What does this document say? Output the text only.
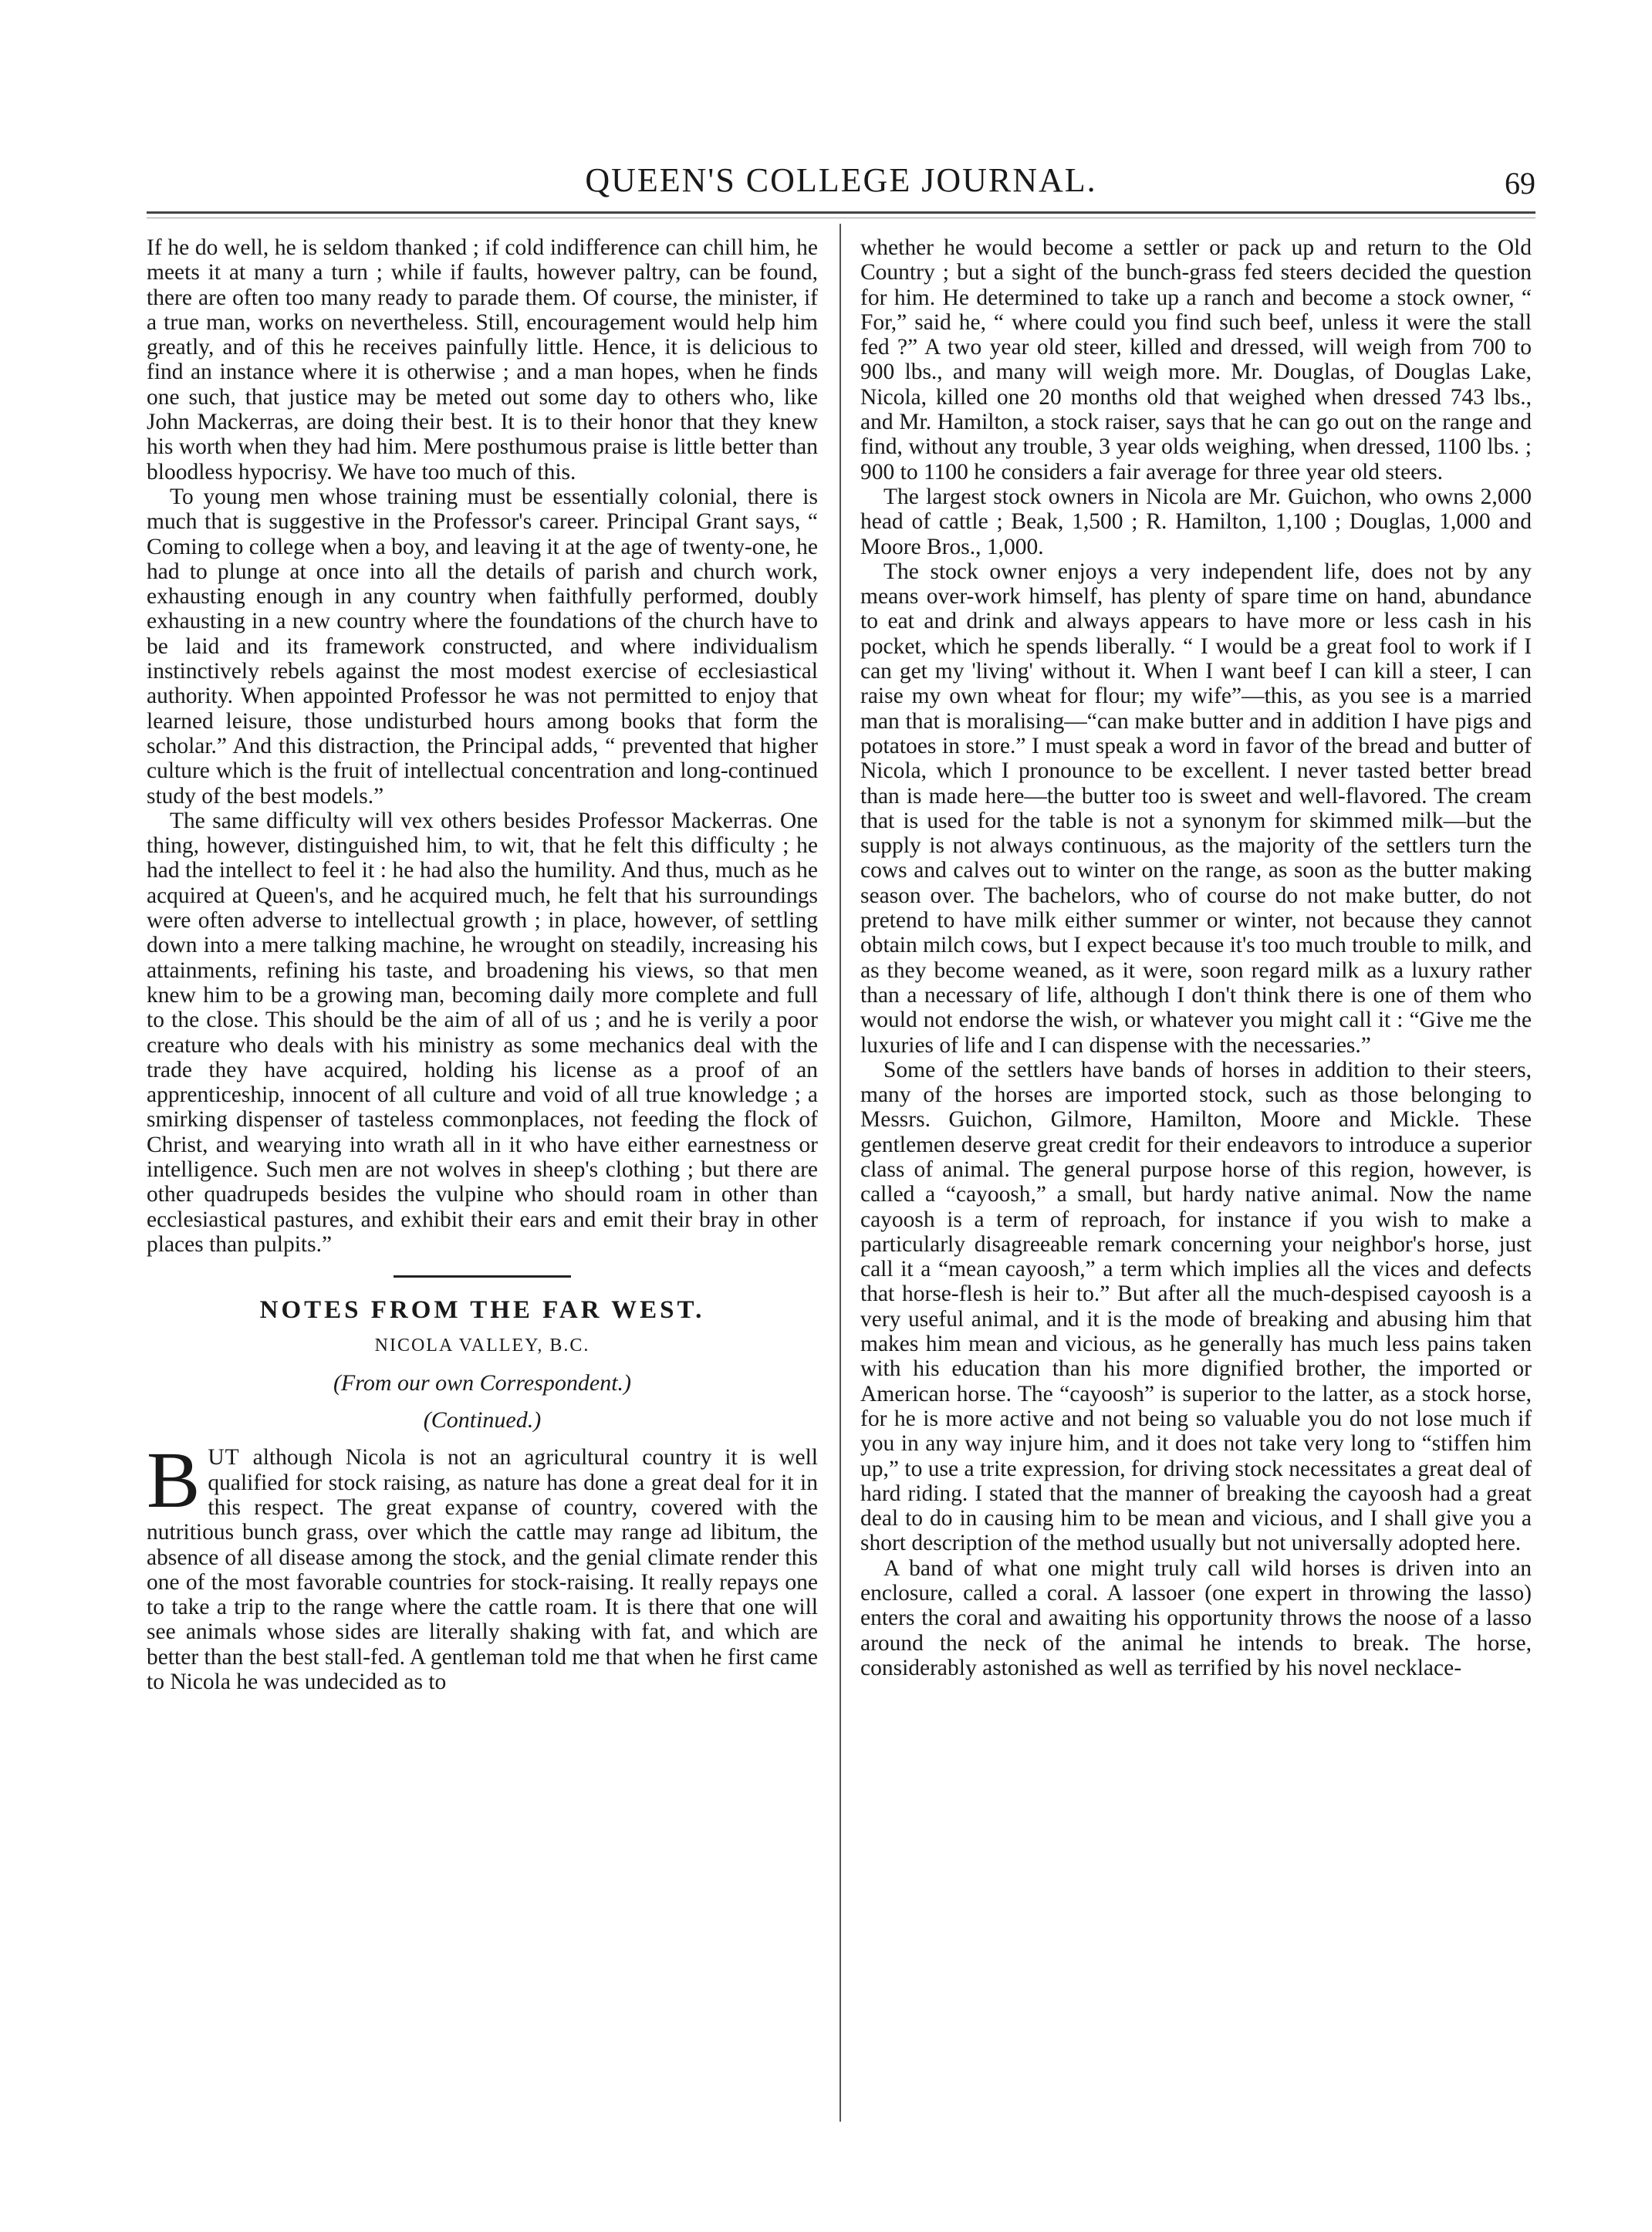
QUEEN'S COLLEGE JOURNAL.	69

If he do well, he is seldom thanked ; if cold indifference can chill him, he meets it at many a turn ; while if faults, however paltry, can be found, there are often too many ready to parade them. Of course, the minister, if a true man, works on nevertheless. Still, encouragement would help him greatly, and of this he receives painfully little. Hence, it is delicious to find an instance where it is otherwise ; and a man hopes, when he finds one such, that justice may be meted out some day to others who, like John Mackerras, are doing their best. It is to their honor that they knew his worth when they had him. Mere posthumous praise is little better than bloodless hypocrisy. We have too much of this.

To young men whose training must be essentially colonial, there is much that is suggestive in the Professor's career. Principal Grant says, “ Coming to college when a boy, and leaving it at the age of twenty-one, he had to plunge at once into all the details of parish and church work, exhausting enough in any country when faithfully performed, doubly exhausting in a new country where the foundations of the church have to be laid and its framework constructed, and where individualism instinctively rebels against the most modest exercise of ecclesiastical authority. When appointed Professor he was not permitted to enjoy that learned leisure, those undisturbed hours among books that form the scholar.” And this distraction, the Principal adds, “ prevented that higher culture which is the fruit of intellectual concentration and long-continued study of the best models.”

The same difficulty will vex others besides Professor Mackerras. One thing, however, distinguished him, to wit, that he felt this difficulty ; he had the intellect to feel it : he had also the humility. And thus, much as he acquired at Queen's, and he acquired much, he felt that his surroundings were often adverse to intellectual growth ; in place, however, of settling down into a mere talking machine, he wrought on steadily, increasing his attainments, refining his taste, and broadening his views, so that men knew him to be a growing man, becoming daily more complete and full to the close. This should be the aim of all of us ; and he is verily a poor creature who deals with his ministry as some mechanics deal with the trade they have acquired, holding his license as a proof of an apprenticeship, innocent of all culture and void of all true knowledge ; a smirking dispenser of tasteless commonplaces, not feeding the flock of Christ, and wearying into wrath all in it who have either earnestness or intelligence. Such men are not wolves in sheep's clothing ; but there are other quadrupeds besides the vulpine who should roam in other than ecclesiastical pastures, and exhibit their ears and emit their bray in other places than pulpits.”

NOTES FROM THE FAR WEST.
NICOLA VALLEY, B.C.
(From our own Correspondent.)
(Continued.)

BUT although Nicola is not an agricultural country it is well qualified for stock raising, as nature has done a great deal for it in this respect. The great expanse of country, covered with the nutritious bunch grass, over which the cattle may range ad libitum, the absence of all disease among the stock, and the genial climate render this one of the most favorable countries for stock-raising. It really repays one to take a trip to the range where the cattle roam. It is there that one will see animals whose sides are literally shaking with fat, and which are better than the best stall-fed. A gentleman told me that when he first came to Nicola he was undecided as to

whether he would become a settler or pack up and return to the Old Country ; but a sight of the bunch-grass fed steers decided the question for him. He determined to take up a ranch and become a stock owner, “ For,” said he, “ where could you find such beef, unless it were the stall fed ?” A two year old steer, killed and dressed, will weigh from 700 to 900 lbs., and many will weigh more. Mr. Douglas, of Douglas Lake, Nicola, killed one 20 months old that weighed when dressed 743 lbs., and Mr. Hamilton, a stock raiser, says that he can go out on the range and find, without any trouble, 3 year olds weighing, when dressed, 1100 lbs. ; 900 to 1100 he considers a fair average for three year old steers.

The largest stock owners in Nicola are Mr. Guichon, who owns 2,000 head of cattle ; Beak, 1,500 ; R. Hamilton, 1,100 ; Douglas, 1,000 and Moore Bros., 1,000.

The stock owner enjoys a very independent life, does not by any means over-work himself, has plenty of spare time on hand, abundance to eat and drink and always appears to have more or less cash in his pocket, which he spends liberally. “ I would be a great fool to work if I can get my 'living' without it. When I want beef I can kill a steer, I can raise my own wheat for flour; my wife”—this, as you see is a married man that is moralising—“can make butter and in addition I have pigs and potatoes in store.” I must speak a word in favor of the bread and butter of Nicola, which I pronounce to be excellent. I never tasted better bread than is made here—the butter too is sweet and well-flavored. The cream that is used for the table is not a synonym for skimmed milk—but the supply is not always continuous, as the majority of the settlers turn the cows and calves out to winter on the range, as soon as the butter making season over. The bachelors, who of course do not make butter, do not pretend to have milk either summer or winter, not because they cannot obtain milch cows, but I expect because it's too much trouble to milk, and as they become weaned, as it were, soon regard milk as a luxury rather than a necessary of life, although I don't think there is one of them who would not endorse the wish, or whatever you might call it : “Give me the luxuries of life and I can dispense with the necessaries.”

Some of the settlers have bands of horses in addition to their steers, many of the horses are imported stock, such as those belonging to Messrs. Guichon, Gilmore, Hamilton, Moore and Mickle. These gentlemen deserve great credit for their endeavors to introduce a superior class of animal. The general purpose horse of this region, however, is called a “cayoosh,” a small, but hardy native animal. Now the name cayoosh is a term of reproach, for instance if you wish to make a particularly disagreeable remark concerning your neighbor's horse, just call it a “mean cayoosh,” a term which implies all the vices and defects that horse-flesh is heir to.” But after all the much-despised cayoosh is a very useful animal, and it is the mode of breaking and abusing him that makes him mean and vicious, as he generally has much less pains taken with his education than his more dignified brother, the imported or American horse. The “cayoosh” is superior to the latter, as a stock horse, for he is more active and not being so valuable you do not lose much if you in any way injure him, and it does not take very long to “stiffen him up,” to use a trite expression, for driving stock necessitates a great deal of hard riding. I stated that the manner of breaking the cayoosh had a great deal to do in causing him to be mean and vicious, and I shall give you a short description of the method usually but not universally adopted here.

A band of what one might truly call wild horses is driven into an enclosure, called a coral. A lassoer (one expert in throwing the lasso) enters the coral and awaiting his opportunity throws the noose of a lasso around the neck of the animal he intends to break. The horse, considerably astonished as well as terrified by his novel necklace-
